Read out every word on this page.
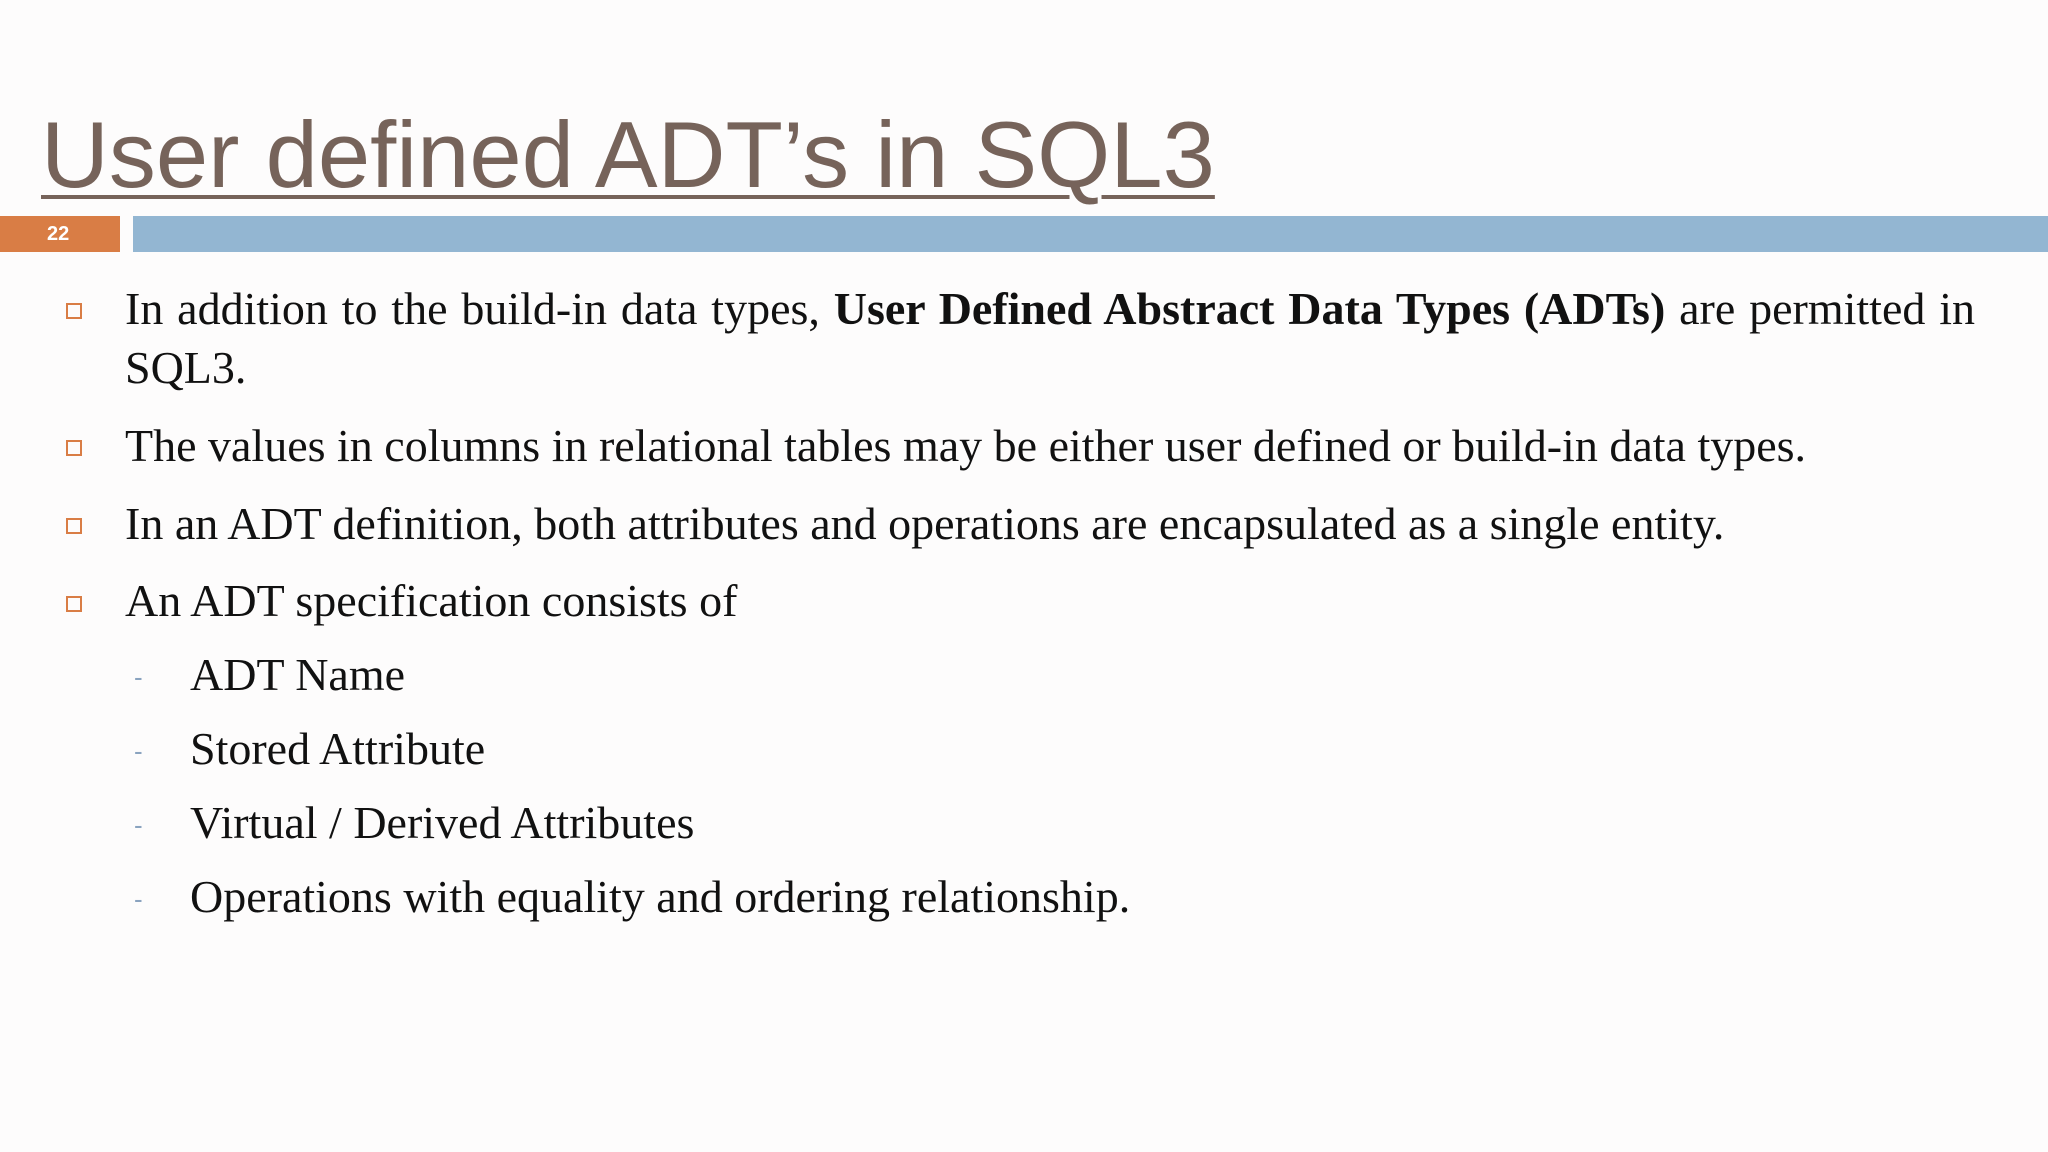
User defined ADT’s in SQL3
22
In addition to the build-in data types, User Defined Abstract Data Types (ADTs) are permitted in SQL3.
The values in columns in relational tables may be either user defined or build-in data types.
In an ADT definition, both attributes and operations are encapsulated as a single entity.
An ADT specification consists of
- ADT Name
- Stored Attribute
- Virtual / Derived Attributes
- Operations with equality and ordering relationship.
